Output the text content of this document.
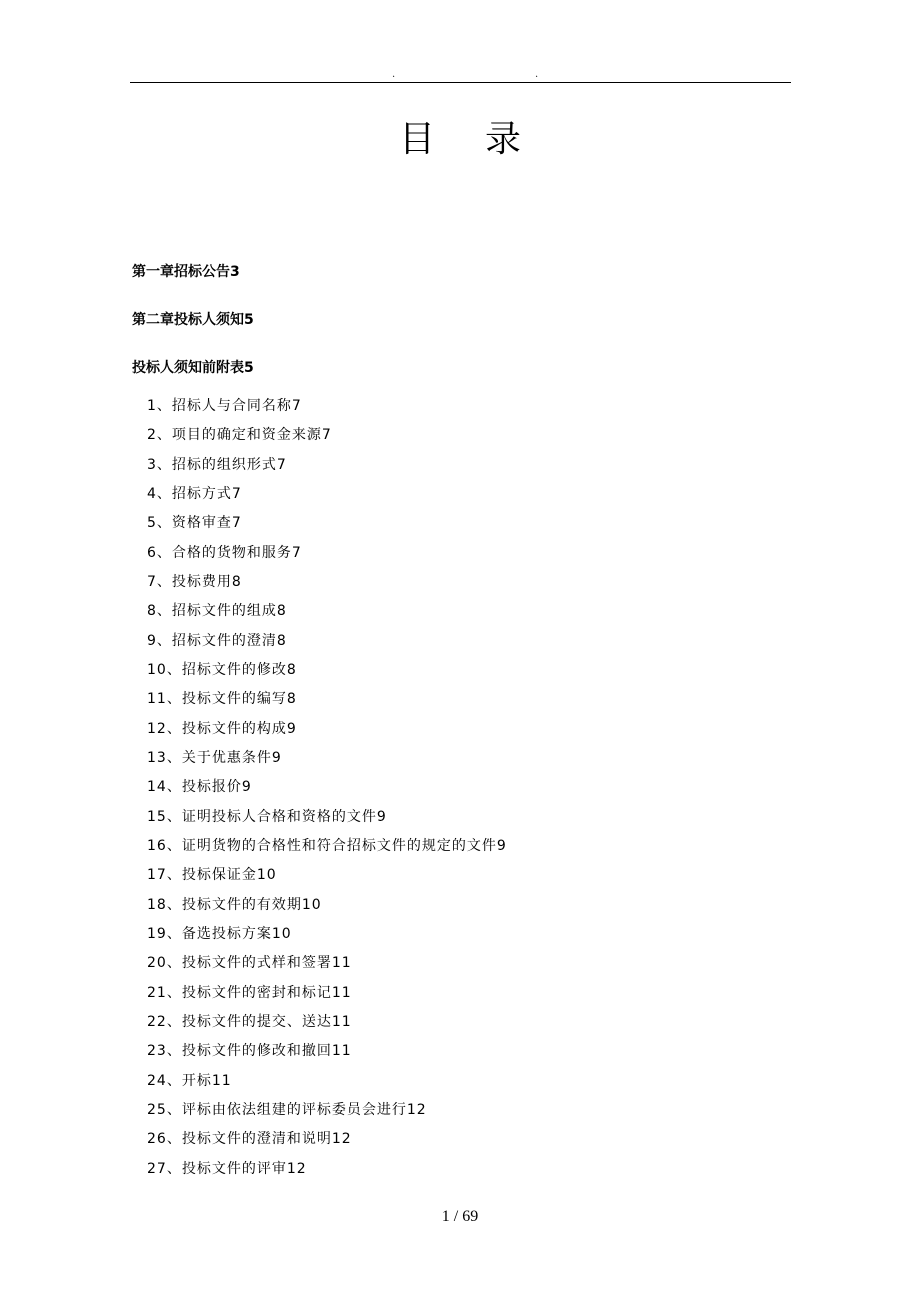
.	.
目 录
第一章招标公告3
第二章投标人须知5
投标人须知前附表5
1、招标人与合同名称7
2、项目的确定和资金来源7
3、招标的组织形式7
4、招标方式7
5、资格审查7
6、合格的货物和服务7
7、投标费用8
8、招标文件的组成8
9、招标文件的澄清8
10、招标文件的修改8
11、投标文件的编写8
12、投标文件的构成9
13、关于优惠条件9
14、投标报价9
15、证明投标人合格和资格的文件9
16、证明货物的合格性和符合招标文件的规定的文件9
17、投标保证金10
18、投标文件的有效期10
19、备选投标方案10
20、投标文件的式样和签署11
21、投标文件的密封和标记11
22、投标文件的提交、送达11
23、投标文件的修改和撤回11
24、开标11
25、评标由依法组建的评标委员会进行12
26、投标文件的澄清和说明12
27、投标文件的评审12
1 / 69
